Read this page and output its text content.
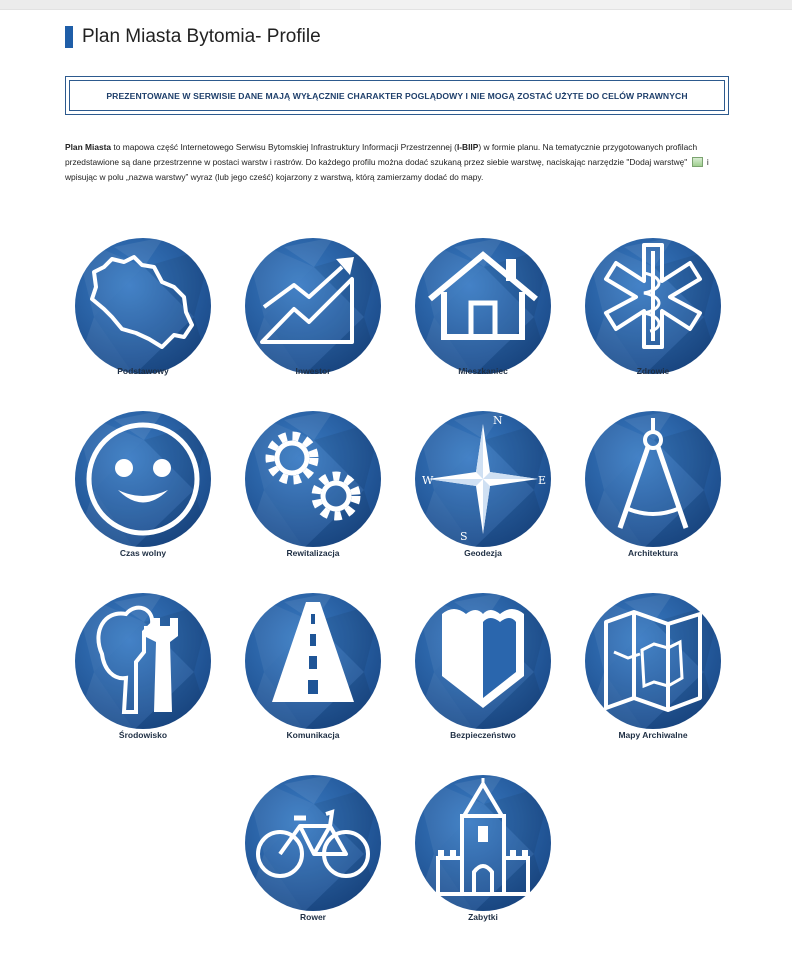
Plan Miasta Bytomia- Profile
PREZENTOWANE W SERWISIE DANE MAJĄ WYŁĄCZNIE CHARAKTER POGLĄDOWY I NIE MOGĄ ZOSTAĆ UŻYTE DO CELÓW PRAWNYCH
Plan Miasta to mapowa część Internetowego Serwisu Bytomskiej Infrastruktury Informacji Przestrzennej (I-BIIP) w formie planu. Na tematycznie przygotowanych profilach przedstawione są dane przestrzenne w postaci warstw i rastrów. Do każdego profilu można dodać szukaną przez siebie warstwę, naciskając narzędzie "Dodaj warstwę"  i wpisując w polu „nazwa warstwy” wyraz (lub jego cześć) kojarzony z warstwą, którą zamierzamy dodać do mapy.
Podstawowy	Inwestor	Mieszkaniec	Zdrowie
Czas wolny	Rewitalizacja
N
S
E
W
Geodezja	Architektura
Środowisko	Komunikacja	Bezpieczeństwo	Mapy Archiwalne
Rower	Zabytki
